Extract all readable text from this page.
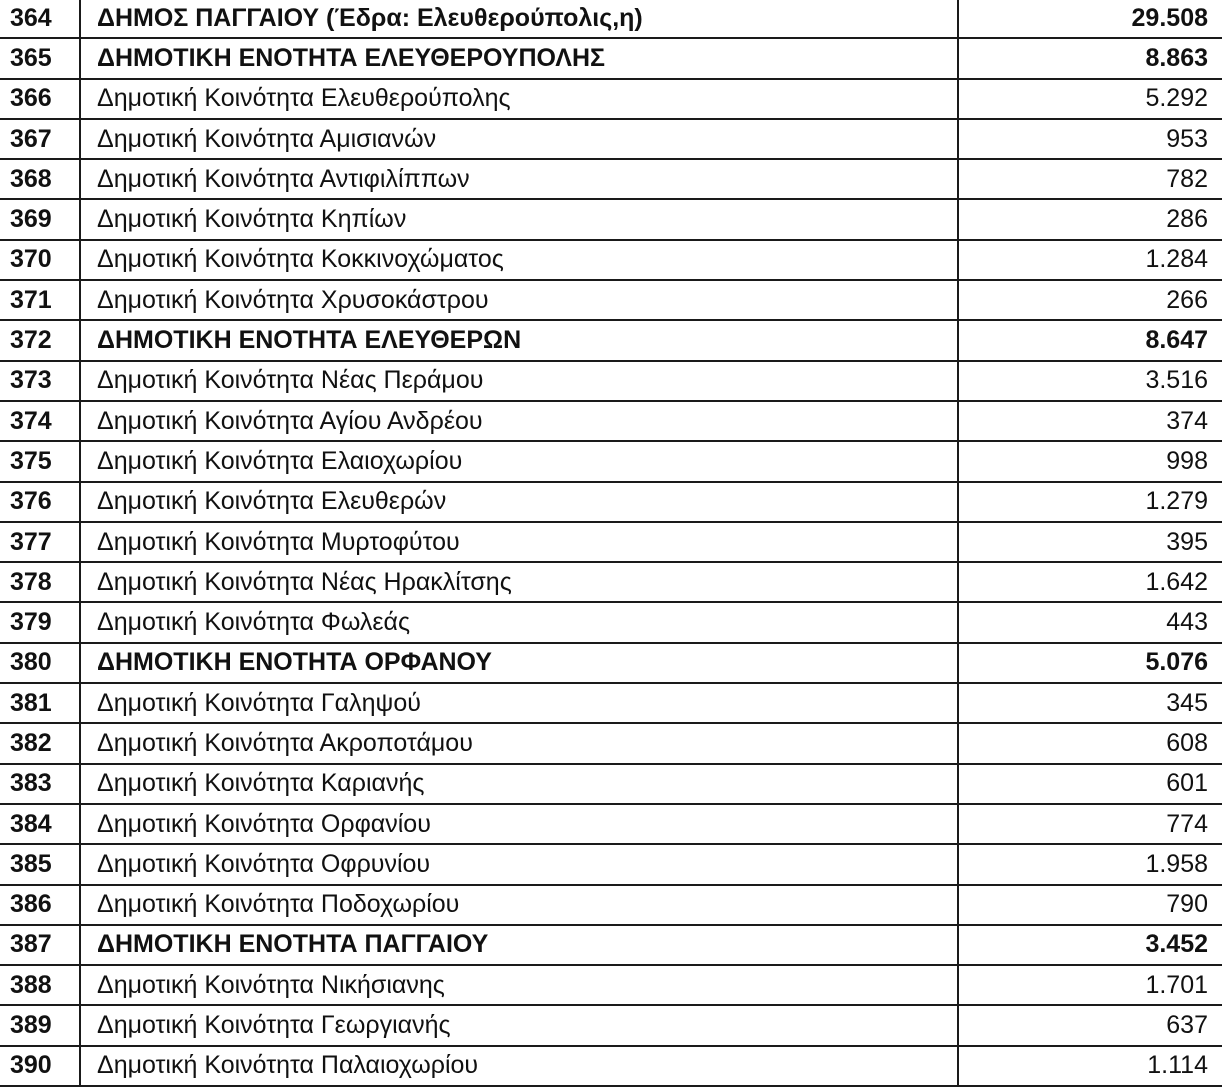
364	ΔΗΜΟΣ ΠΑΓΓΑΙΟΥ (Έδρα: Ελευθερούπολις,η)	29.508
365	ΔΗΜΟΤΙΚΗ ΕΝΟΤΗΤΑ ΕΛΕΥΘΕΡΟΥΠΟΛΗΣ	8.863
366	Δημοτική Κοινότητα Ελευθερούπολης	5.292
367	Δημοτική Κοινότητα Αμισιανών	953
368	Δημοτική Κοινότητα Αντιφιλίππων	782
369	Δημοτική Κοινότητα Κηπίων	286
370	Δημοτική Κοινότητα Κοκκινοχώματος	1.284
371	Δημοτική Κοινότητα Χρυσοκάστρου	266
372	ΔΗΜΟΤΙΚΗ ΕΝΟΤΗΤΑ ΕΛΕΥΘΕΡΩΝ	8.647
373	Δημοτική Κοινότητα Νέας Περάμου	3.516
374	Δημοτική Κοινότητα Αγίου Ανδρέου	374
375	Δημοτική Κοινότητα Ελαιοχωρίου	998
376	Δημοτική Κοινότητα Ελευθερών	1.279
377	Δημοτική Κοινότητα Μυρτοφύτου	395
378	Δημοτική Κοινότητα Νέας Ηρακλίτσης	1.642
379	Δημοτική Κοινότητα Φωλεάς	443
380	ΔΗΜΟΤΙΚΗ ΕΝΟΤΗΤΑ ΟΡΦΑΝΟΥ	5.076
381	Δημοτική Κοινότητα Γαληψού	345
382	Δημοτική Κοινότητα Ακροποτάμου	608
383	Δημοτική Κοινότητα Καριανής	601
384	Δημοτική Κοινότητα Ορφανίου	774
385	Δημοτική Κοινότητα Οφρυνίου	1.958
386	Δημοτική Κοινότητα Ποδοχωρίου	790
387	ΔΗΜΟΤΙΚΗ ΕΝΟΤΗΤΑ ΠΑΓΓΑΙΟΥ	3.452
388	Δημοτική Κοινότητα Νικήσιανης	1.701
389	Δημοτική Κοινότητα Γεωργιανής	637
390	Δημοτική Κοινότητα Παλαιοχωρίου	1.114
